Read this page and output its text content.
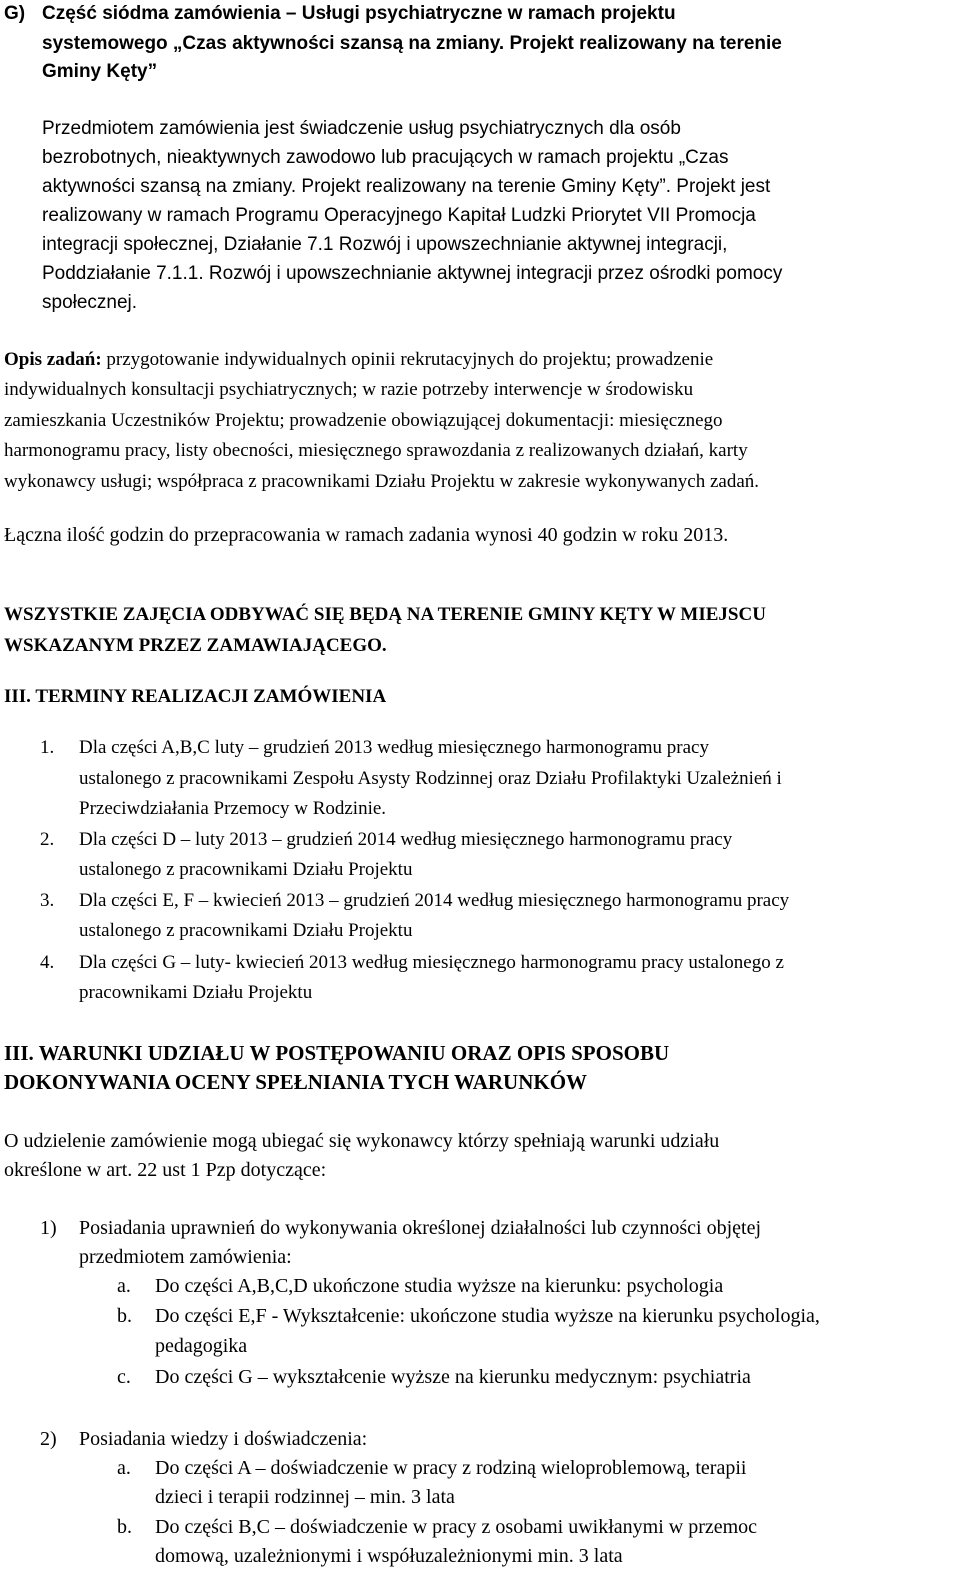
G) Część siódma zamówienia – Usługi psychiatryczne w ramach projektu
systemowego „Czas aktywności szansą na zmiany. Projekt realizowany na terenie
Gminy Kęty”
Przedmiotem zamówienia jest świadczenie usług psychiatrycznych dla osób
bezrobotnych, nieaktywnych zawodowo lub pracujących w ramach projektu „Czas
aktywności szansą na zmiany. Projekt realizowany na terenie Gminy Kęty”. Projekt jest
realizowany w ramach Programu Operacyjnego Kapitał Ludzki Priorytet VII Promocja
integracji społecznej, Działanie 7.1 Rozwój i upowszechnianie aktywnej integracji,
Poddziałanie 7.1.1. Rozwój i upowszechnianie aktywnej integracji przez ośrodki pomocy
społecznej.
Opis zadań: przygotowanie indywidualnych opinii rekrutacyjnych do projektu; prowadzenie
indywidualnych konsultacji psychiatrycznych; w razie potrzeby interwencje w środowisku
zamieszkania Uczestników Projektu; prowadzenie obowiązującej dokumentacji: miesięcznego
harmonogramu pracy, listy obecności, miesięcznego sprawozdania z realizowanych działań, karty
wykonawcy usługi; współpraca z pracownikami Działu Projektu w zakresie wykonywanych zadań.
Łączna ilość godzin do przepracowania w ramach zadania wynosi 40 godzin w roku 2013.
WSZYSTKIE ZAJĘCIA ODBYWAĆ SIĘ BĘDĄ NA TERENIE GMINY KĘTY W MIEJSCU
WSKAZANYM PRZEZ ZAMAWIAJĄCEGO.
III. TERMINY REALIZACJI ZAMÓWIENIA
1. Dla części A,B,C luty – grudzień 2013 według miesięcznego harmonogramu pracy
ustalonego z pracownikami Zespołu Asysty Rodzinnej oraz Działu Profilaktyki Uzależnień i
Przeciwdziałania Przemocy w Rodzinie.
2. Dla części D – luty 2013 – grudzień 2014 według miesięcznego harmonogramu pracy
ustalonego z pracownikami Działu Projektu
3. Dla części E, F – kwiecień 2013 – grudzień 2014 według miesięcznego harmonogramu pracy
ustalonego z pracownikami Działu Projektu
4. Dla części G – luty- kwiecień 2013 według miesięcznego harmonogramu pracy ustalonego z
pracownikami Działu Projektu
III. WARUNKI UDZIAŁU W POSTĘPOWANIU ORAZ OPIS SPOSOBU
DOKONYWANIA OCENY SPEŁNIANIA TYCH WARUNKÓW
O udzielenie zamówienie mogą ubiegać się wykonawcy którzy spełniają warunki udziału
określone w art. 22 ust 1 Pzp dotyczące:
1) Posiadania uprawnień do wykonywania określonej działalności lub czynności objętej
przedmiotem zamówienia:
a. Do części A,B,C,D ukończone studia wyższe na kierunku: psychologia
b. Do części E,F - Wykształcenie: ukończone studia wyższe na kierunku psychologia,
pedagogika
c. Do części G – wykształcenie wyższe na kierunku medycznym: psychiatria
2) Posiadania wiedzy i doświadczenia:
a. Do części A – doświadczenie w pracy z rodziną wieloproblemową, terapii
dzieci i terapii rodzinnej – min. 3 lata
b. Do części B,C – doświadczenie w pracy z osobami uwikłanymi w przemoc
domową, uzależnionymi i współuzależnionymi min. 3 lata
